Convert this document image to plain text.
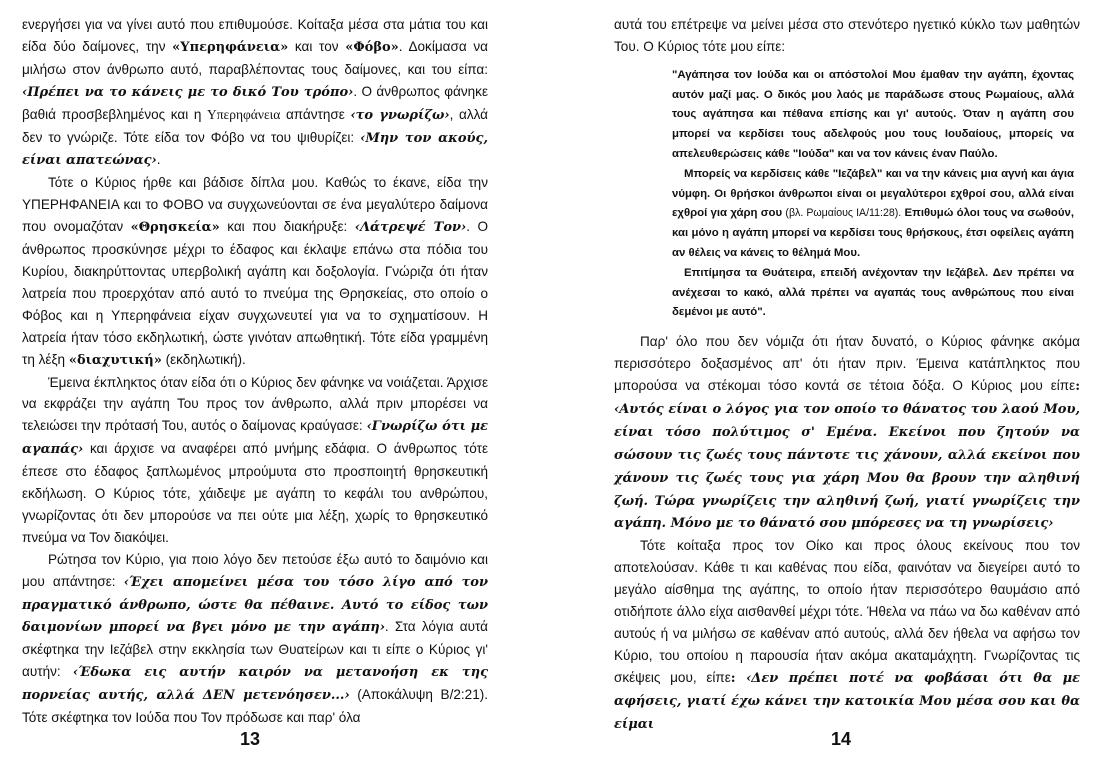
ενεργήσει για να γίνει αυτό που επιθυμούσε. Κοίταξα μέσα στα μάτια του και είδα δύο δαίμονες, την «Υπερηφάνεια» και τον «Φόβο». Δοκίμασα να μιλήσω στον άνθρωπο αυτό, παραβλέποντας τους δαίμονες, και του είπα: ‹Πρέπει να το κάνεις με το δικό Του τρόπο›. Ο άνθρωπος φάνηκε βαθιά προσβεβλημένος και η Υπερηφάνεια απάντησε ‹το γνωρίζω›, αλλά δεν το γνώριζε. Τότε είδα τον Φόβο να του ψιθυρίζει: ‹Μην τον ακούς, είναι απατεώνας›.

Τότε ο Κύριος ήρθε και βάδισε δίπλα μου. Καθώς το έκανε, είδα την ΥΠΕΡΗΦΑΝΕΙΑ και το ΦΟΒΟ να συγχωνεύονται σε ένα μεγαλύτερο δαίμονα που ονομαζόταν «Θρησκεία» και που διακήρυξε: ‹Λάτρεψέ Τον›. Ο άνθρωπος προσκύνησε μέχρι το έδαφος και έκλαψε επάνω στα πόδια του Κυρίου, διακηρύττοντας υπερβολική αγάπη και δοξολογία. Γνώριζα ότι ήταν λατρεία που προερχόταν από αυτό το πνεύμα της Θρησκείας, στο οποίο ο Φόβος και η Υπερηφάνεια είχαν συγχωνευτεί για να το σχηματίσουν. Η λατρεία ήταν τόσο εκδηλωτική, ώστε γινόταν απωθητική. Τότε είδα γραμμένη τη λέξη «διαχυτική» (εκδηλωτική).

Έμεινα έκπληκτος όταν είδα ότι ο Κύριος δεν φάνηκε να νοιάζεται. Άρχισε να εκφράζει την αγάπη Του προς τον άνθρωπο, αλλά πριν μπορέσει να τελειώσει την πρότασή Του, αυτός ο δαίμονας κραύγασε: ‹Γνωρίζω ότι με αγαπάς› και άρχισε να αναφέρει από μνήμης εδάφια. Ο άνθρωπος τότε έπεσε στο έδαφος ξαπλωμένος μπρούμυτα στο προσποιητή θρησκευτική εκδήλωση. Ο Κύριος τότε, χάιδεψε με αγάπη το κεφάλι του ανθρώπου, γνωρίζοντας ότι δεν μπορούσε να πει ούτε μια λέξη, χωρίς το θρησκευτικό πνεύμα να Τον διακόψει.

Ρώτησα τον Κύριο, για ποιο λόγο δεν πετούσε έξω αυτό το δαιμόνιο και μου απάντησε: ‹Έχει απομείνει μέσα του τόσο λίγο από τον πραγματικό άνθρωπο, ώστε θα πέθαινε. Αυτό το είδος των δαιμονίων μπορεί να βγει μόνο με την αγάπη›. Στα λόγια αυτά σκέφτηκα την Ιεζάβελ στην εκκλησία των Θυατείρων και τι είπε ο Κύριος γι' αυτήν: ‹Έδωκα εις αυτήν καιρόν να μετανοήση εκ της πορνείας αυτής, αλλά ΔΕΝ μετενόησεν...› (Αποκάλυψη Β/2:21). Τότε σκέφτηκα τον Ιούδα που Τον πρόδωσε και παρ' όλα

αυτά του επέτρεψε να μείνει μέσα στο στενότερο ηγετικό κύκλο των μαθητών Του. Ο Κύριος τότε μου είπε:

"Αγάπησα τον Ιούδα και οι απόστολοί Μου έμαθαν την αγάπη, έχοντας αυτόν μαζί μας. Ο δικός μου λαός με παράδωσε στους Ρωμαίους, αλλά τους αγάπησα και πέθανα επίσης και γι' αυτούς. Όταν η αγάπη σου μπορεί να κερδίσει τους αδελφούς μου τους Ιουδαίους, μπορείς να απελευθερώσεις κάθε "Ιούδα" και να τον κάνεις έναν Παύλο.

Μπορείς να κερδίσεις κάθε "Ιεζάβελ" και να την κάνεις μια αγνή και άγια νύμφη. Οι θρήσκοι άνθρωποι είναι οι μεγαλύτεροι εχθροί σου, αλλά είναι εχθροί για χάρη σου (βλ. Ρωμαίους ΙΑ/11:28). Επιθυμώ όλοι τους να σωθούν, και μόνο η αγάπη μπορεί να κερδίσει τους θρήσκους, έτσι οφείλεις αγάπη αν θέλεις να κάνεις το θέλημά Μου.

Επιτίμησα τα Θυάτειρα, επειδή ανέχονταν την Ιεζάβελ. Δεν πρέπει να ανέχεσαι το κακό, αλλά πρέπει να αγαπάς τους ανθρώπους που είναι δεμένοι με αυτό".

Παρ' όλο που δεν νόμιζα ότι ήταν δυνατό, ο Κύριος φάνηκε ακόμα περισσότερο δοξασμένος απ' ότι ήταν πριν. Έμεινα κατάπληκτος που μπορούσα να στέκομαι τόσο κοντά σε τέτοια δόξα. Ο Κύριος μου είπε: ‹Αυτός είναι ο λόγος για τον οποίο το θάνατος του λαού Μου, είναι τόσο πολύτιμος σ' Εμένα. Εκείνοι που ζητούν να σώσουν τις ζωές τους πάντοτε τις χάνουν, αλλά εκείνοι που χάνουν τις ζωές τους για χάρη Μου θα βρουν την αληθινή ζωή. Τώρα γνωρίζεις την αληθινή ζωή, γιατί γνωρίζεις την αγάπη. Μόνο με το θάνατό σου μπόρεσες να τη γνωρίσεις›

Τότε κοίταξα προς τον Οίκο και προς όλους εκείνους που τον αποτελούσαν. Κάθε τι και καθένας που είδα, φαινόταν να διεγείρει αυτό το μεγάλο αίσθημα της αγάπης, το οποίο ήταν περισσότερο θαυμάσιο από οτιδήποτε άλλο είχα αισθανθεί μέχρι τότε. Ήθελα να πάω να δω καθέναν από αυτούς ή να μιλήσω σε καθέναν από αυτούς, αλλά δεν ήθελα να αφήσω τον Κύριο, του οποίου η παρουσία ήταν ακόμα ακαταμάχητη. Γνωρίζοντας τις σκέψεις μου, είπε: ‹Δεν πρέπει ποτέ να φοβάσαι ότι θα με αφήσεις, γιατί έχω κάνει την κατοικία Μου μέσα σου και θα είμαι

13	14
